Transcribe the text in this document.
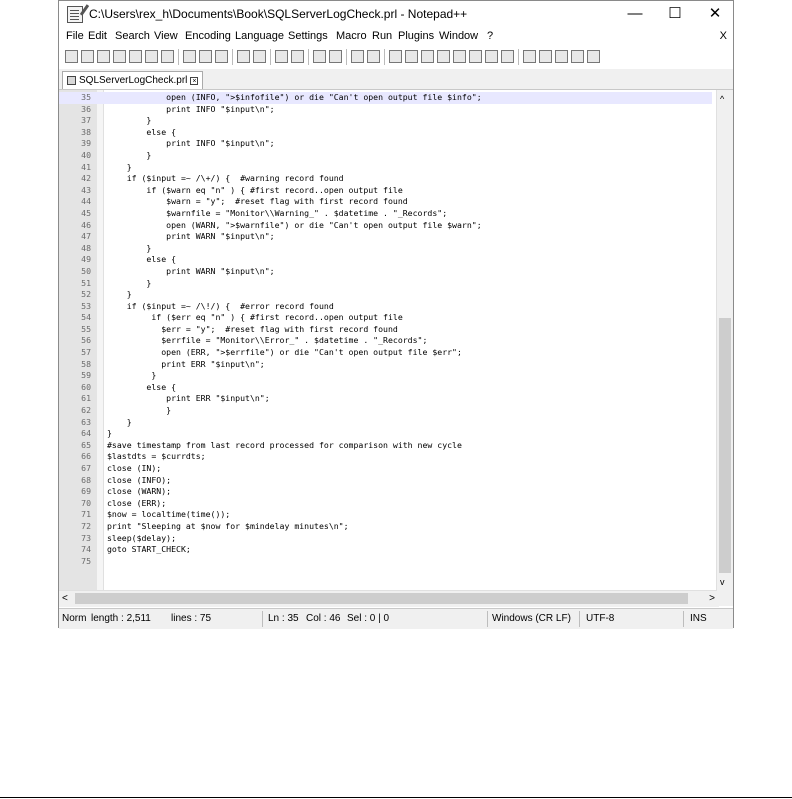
C:\Users\rex_h\Documents\Book\SQLServerLogCheck.prl - Notepad++	—	☐	✕
File Edit Search View Encoding Language Settings Macro Run Plugins Window ?	X
SQLServerLogCheck.prl ×
35 open (INFO, ">$infofile") or die "Can't open output file $info";
36 print INFO "$input\n";
37 }
38 else {
39 print INFO "$input\n";
40 }
41 }
42 if ($input =~ /\+/) {  #warning record found
43 if ($warn eq "n" ) { #first record..open output file
44 $warn = "y";  #reset flag with first record found
45 $warnfile = "Monitor\\Warning_" . $datetime . "_Records";
46 open (WARN, ">$warnfile") or die "Can't open output file $warn";
47 print WARN "$input\n";
48 }
49 else {
50 print WARN "$input\n";
51 }
52 }
53 if ($input =~ /\!/) {  #error record found
54 if ($err eq "n" ) { #first record..open output file
55 $err = "y";  #reset flag with first record found
56 $errfile = "Monitor\\Error_" . $datetime . "_Records";
57 open (ERR, ">$errfile") or die "Can't open output file $err";
58 print ERR "$input\n";
59 }
60 else {
61 print ERR "$input\n";
62 }
63 }
64 }
65 #save timestamp from last record processed for comparison with new cycle
66 $lastdts = $currdts;
67 close (IN);
68 close (INFO);
69 close (WARN);
70 close (ERR);
71 $now = localtime(time());
72 print "Sleeping at $now for $mindelay minutes\n";
73 sleep($delay);
74 goto START_CHECK;
75
^
v
<	>
Norm length : 2,511 lines : 75	Ln : 35 Col : 46 Sel : 0 | 0	Windows (CR LF) UTF-8	INS
